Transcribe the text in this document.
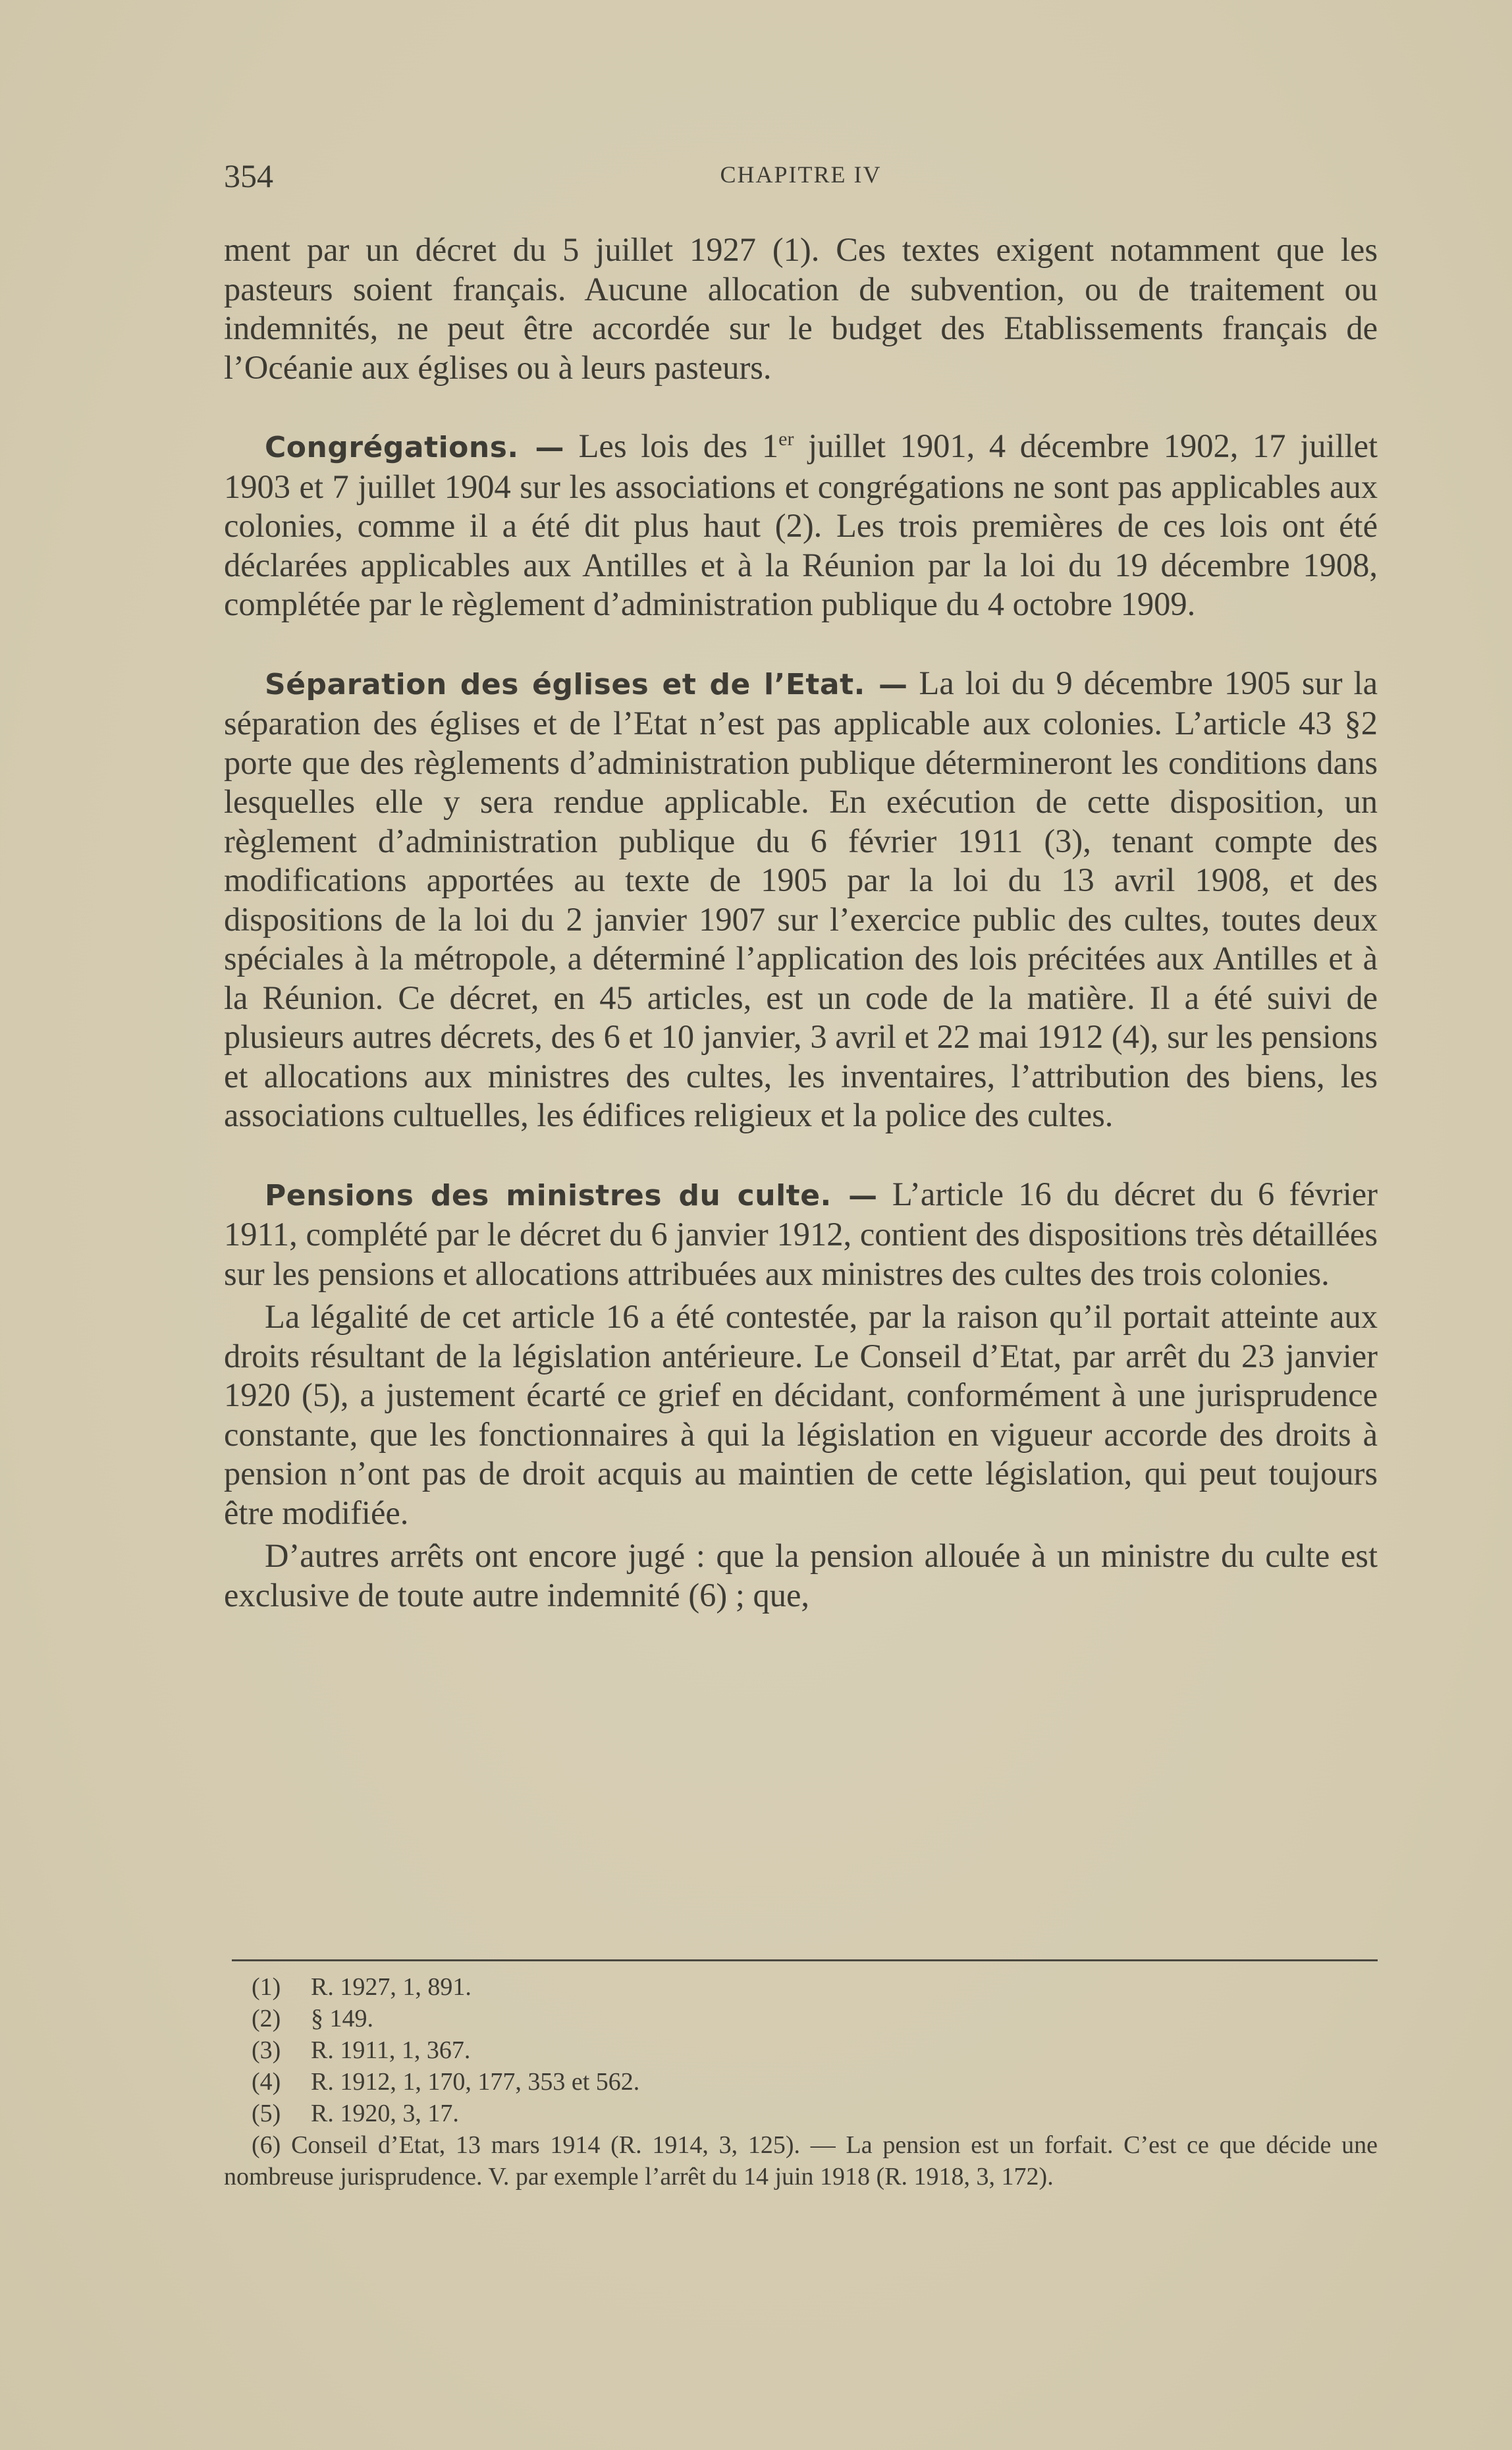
354	CHAPITRE IV

ment par un décret du 5 juillet 1927 (1). Ces textes exigent notamment que les pasteurs soient français. Aucune allocation de subvention, ou de traitement ou indemnités, ne peut être accordée sur le budget des Etablissements français de l’Océanie aux églises ou à leurs pasteurs.

Congrégations. — Les lois des 1er juillet 1901, 4 décembre 1902, 17 juillet 1903 et 7 juillet 1904 sur les associations et congrégations ne sont pas applicables aux colonies, comme il a été dit plus haut (2). Les trois premières de ces lois ont été déclarées applicables aux Antilles et à la Réunion par la loi du 19 décembre 1908, complétée par le règlement d’administration publique du 4 octobre 1909.

Séparation des églises et de l’Etat. — La loi du 9 décembre 1905 sur la séparation des églises et de l’Etat n’est pas applicable aux colonies. L’article 43 §2 porte que des règlements d’administration publique détermineront les conditions dans lesquelles elle y sera rendue applicable. En exécution de cette disposition, un règlement d’administration publique du 6 février 1911 (3), tenant compte des modifications apportées au texte de 1905 par la loi du 13 avril 1908, et des dispositions de la loi du 2 janvier 1907 sur l’exercice public des cultes, toutes deux spéciales à la métropole, a déterminé l’application des lois précitées aux Antilles et à la Réunion. Ce décret, en 45 articles, est un code de la matière. Il a été suivi de plusieurs autres décrets, des 6 et 10 janvier, 3 avril et 22 mai 1912 (4), sur les pensions et allocations aux ministres des cultes, les inventaires, l’attribution des biens, les associations cultuelles, les édifices religieux et la police des cultes.

Pensions des ministres du culte. — L’article 16 du décret du 6 février 1911, complété par le décret du 6 janvier 1912, contient des dispositions très détaillées sur les pensions et allocations attribuées aux ministres des cultes des trois colonies.

La légalité de cet article 16 a été contestée, par la raison qu’il portait atteinte aux droits résultant de la législation antérieure. Le Conseil d’Etat, par arrêt du 23 janvier 1920 (5), a justement écarté ce grief en décidant, conformément à une jurisprudence constante, que les fonctionnaires à qui la législation en vigueur accorde des droits à pension n’ont pas de droit acquis au maintien de cette législation, qui peut toujours être modifiée.

D’autres arrêts ont encore jugé : que la pension allouée à un ministre du culte est exclusive de toute autre indemnité (6) ; que,

(1) R. 1927, 1, 891.

(2) § 149.

(3) R. 1911, 1, 367.

(4) R. 1912, 1, 170, 177, 353 et 562.

(5) R. 1920, 3, 17.

(6) Conseil d’Etat, 13 mars 1914 (R. 1914, 3, 125). — La pension est un forfait. C’est ce que décide une nombreuse jurisprudence. V. par exemple l’arrêt du 14 juin 1918 (R. 1918, 3, 172).
